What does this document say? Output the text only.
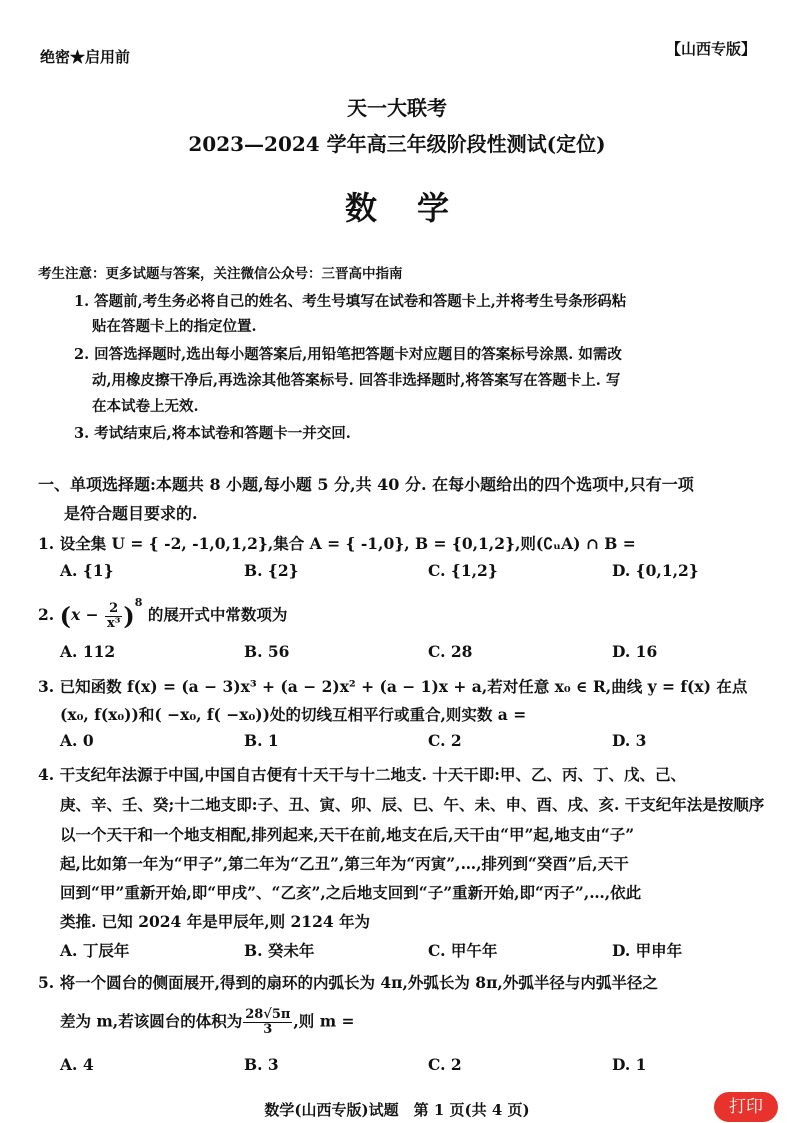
绝密★启用前	【山西专版】
天一大联考
2023—2024 学年高三年级阶段性测试(定位)
数学
考生注意：更多试题与答案，关注微信公众号：三晋高中指南
1. 答题前,考生务必将自己的姓名、考生号填写在试卷和答题卡上,并将考生号条形码粘
贴在答题卡上的指定位置.
2. 回答选择题时,选出每小题答案后,用铅笔把答题卡对应题目的答案标号涂黑. 如需改
动,用橡皮擦干净后,再选涂其他答案标号. 回答非选择题时,将答案写在答题卡上. 写
在本试卷上无效.
3. 考试结束后,将本试卷和答题卡一并交回.
一、单项选择题:本题共 8 小题,每小题 5 分,共 40 分. 在每小题给出的四个选项中,只有一项
是符合题目要求的.
1. 设全集 U = { -2, -1,0,1,2},集合 A = { -1,0}, B = {0,1,2},则(∁ᵤA) ∩ B =
A. {1}	B. {2}	C. {1,2}	D. {0,1,2}
2. $(x - \frac{2}{\text{x³}} )^8$ 的展开式中常数项为
A. 112	B. 56	C. 28	D. 16
3. 已知函数 f(x) = (a − 3)x³ + (a − 2)x² + (a − 1)x + a,若对任意 x₀ ∈ R,曲线 y = f(x) 在点
(x₀, f(x₀))和( −x₀, f( −x₀))处的切线互相平行或重合,则实数 a =
A. 0	B. 1	C. 2	D. 3
4. 干支纪年法源于中国,中国自古便有十天干与十二地支. 十天干即:甲、乙、丙、丁、戊、己、
庚、辛、壬、癸;十二地支即:子、丑、寅、卯、辰、巳、午、未、申、酉、戌、亥. 干支纪年法是按顺序
以一个天干和一个地支相配,排列起来,天干在前,地支在后,天干由“甲”起,地支由“子”
起,比如第一年为“甲子”,第二年为“乙丑”,第三年为“丙寅”,…,排列到“癸酉”后,天干
回到“甲”重新开始,即“甲戌”、“乙亥”,之后地支回到“子”重新开始,即“丙子”,…,依此
类推. 已知 2024 年是甲辰年,则 2124 年为
A. 丁辰年	B. 癸未年	C. 甲午年	D. 甲申年
5. 将一个圆台的侧面展开,得到的扇环的内弧长为 4π,外弧长为 8π,外弧半径与内弧半径之
差为 m,若该圆台的体积为 $\frac{28√5\pi}{3}$ ,则 m =
A. 4	B. 3	C. 2	D. 1
数学(山西专版)试题　第 1 页(共 4 页)	打印
